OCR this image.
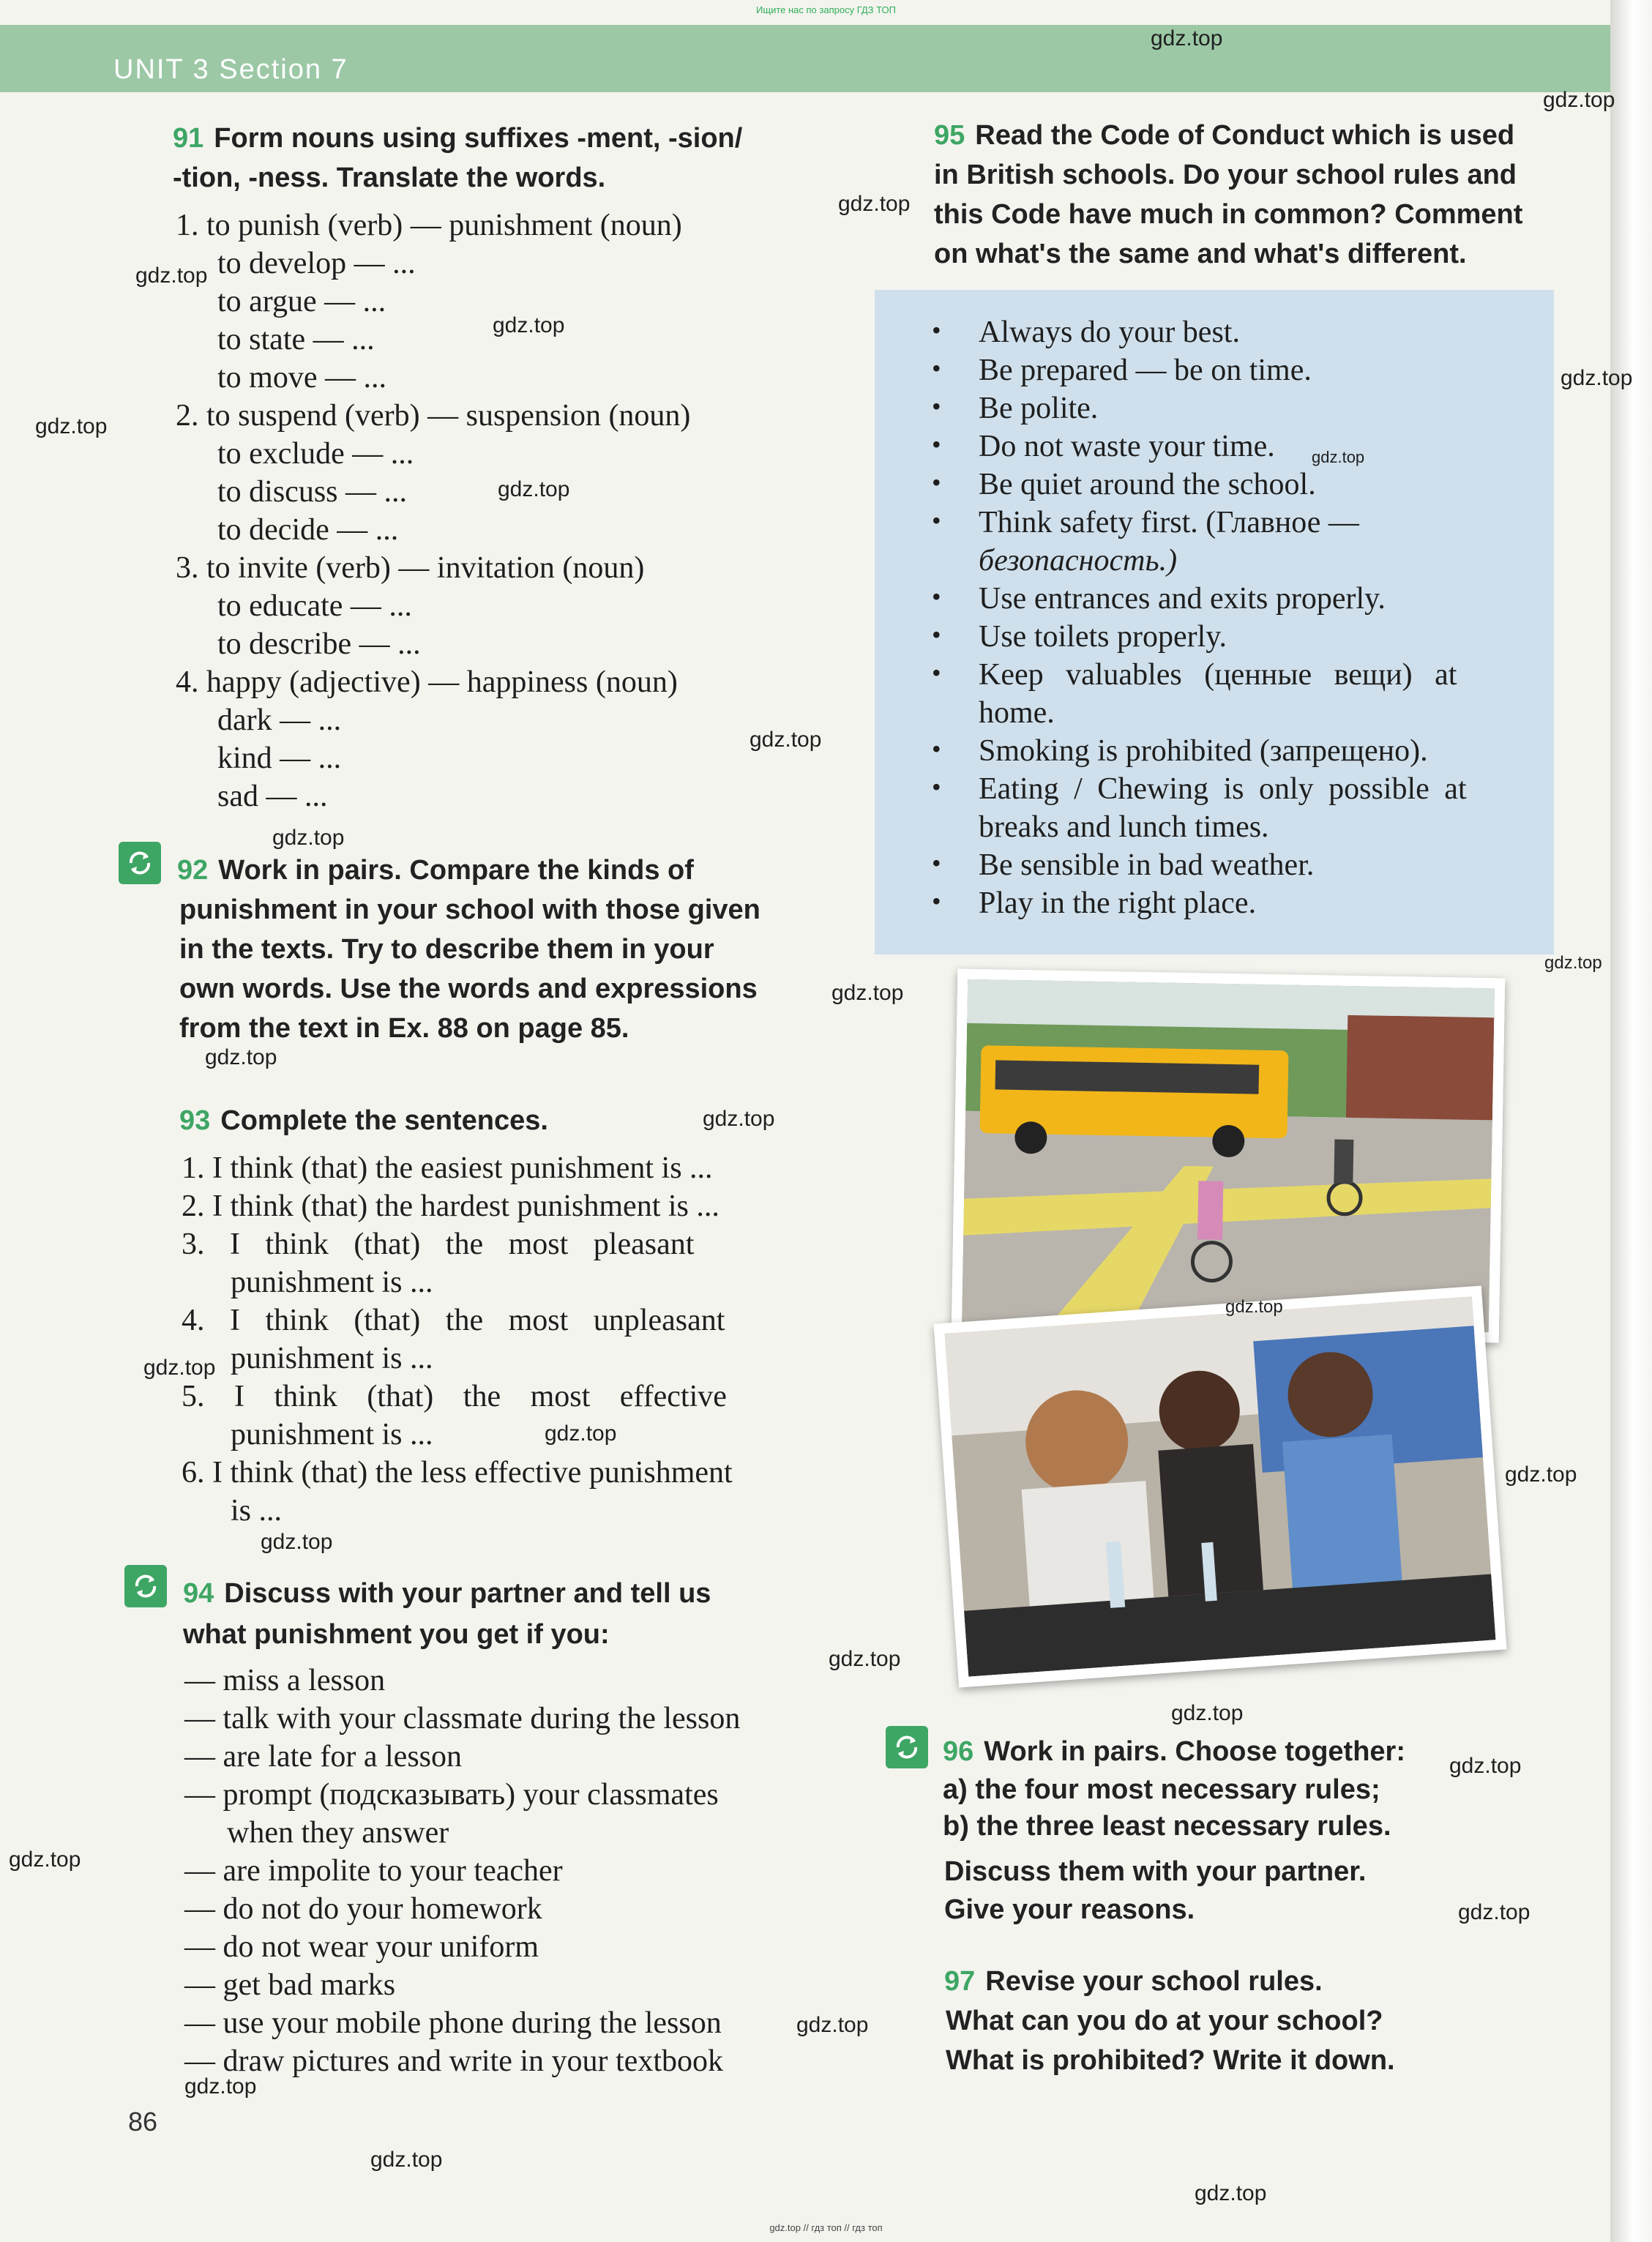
Ищите нас по запросу ГДЗ ТОП
gdz.top // гдз топ // гдз топ
UNIT 3 Section 7
91 Form nouns using suffixes -ment, -sion/
-tion, -ness. Translate the words.
1. to punish (verb) — punishment (noun)
to develop — ...
to argue — ...
to state — ...
to move — ...
2. to suspend (verb) — suspension (noun)
to exclude — ...
to discuss — ...
to decide — ...
3. to invite (verb) — invitation (noun)
to educate — ...
to describe — ...
4. happy (adjective) — happiness (noun)
dark — ...
kind — ...
sad — ...
92 Work in pairs. Compare the kinds of
punishment in your school with those given
in the texts. Try to describe them in your
own words. Use the words and expressions
from the text in Ex. 88 on page 85.
93 Complete the sentences.
1. I think (that) the easiest punishment is ...
2. I think (that) the hardest punishment is ...
3. I think (that) the most pleasant
punishment is ...
4. I think (that) the most unpleasant
punishment is ...
5. I think (that) the most effective
punishment is ...
6. I think (that) the less effective punishment
is ...
94 Discuss with your partner and tell us
what punishment you get if you:
— miss a lesson
— talk with your classmate during the lesson
— are late for a lesson
— prompt (подсказывать) your classmates
when they answer
— are impolite to your teacher
— do not do your homework
— do not wear your uniform
— get bad marks
— use your mobile phone during the lesson
— draw pictures and write in your textbook
95 Read the Code of Conduct which is used
in British schools. Do your school rules and
this Code have much in common? Comment
on what's the same and what's different.
• Always do your best.
• Be prepared — be on time.
• Be polite.
• Do not waste your time.
• Be quiet around the school.
• Think safety first. (Главное —
безопасность.)
• Use entrances and exits properly.
• Use toilets properly.
• Keep valuables (ценные вещи) at
home.
• Smoking is prohibited (запрещено).
• Eating / Chewing is only possible at
breaks and lunch times.
• Be sensible in bad weather.
• Play in the right place.
96 Work in pairs. Choose together:
a) the four most necessary rules;
b) the three least necessary rules.
Discuss them with your partner.
Give your reasons.
97 Revise your school rules.
What can you do at your school?
What is prohibited? Write it down.
86
gdz.top
gdz.top
gdz.top
gdz.top
gdz.top
gdz.top
gdz.top
gdz.top
gdz.top
gdz.top
gdz.top
gdz.top
gdz.top
gdz.top
gdz.top
gdz.top
gdz.top
gdz.top
gdz.top
gdz.top
gdz.top
gdz.top
gdz.top
gdz.top
gdz.top
gdz.top
gdz.top
gdz.top
gdz.top
